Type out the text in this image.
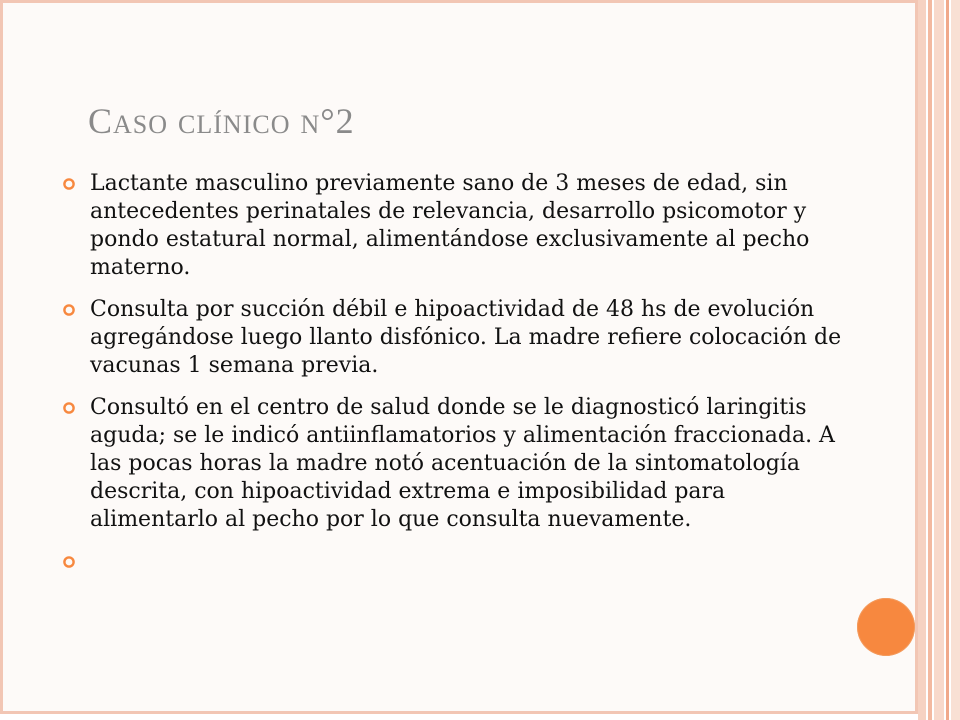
CASO CLÍNICO N°2
Lactante masculino previamente sano de 3 meses de edad, sin antecedentes perinatales de relevancia, desarrollo psicomotor y pondo estatural normal, alimentándose exclusivamente al pecho materno.
Consulta por succión débil e hipoactividad de 48 hs de evolución agregándose luego llanto disfónico. La madre refiere colocación de vacunas 1 semana previa.
Consultó en el centro de salud donde se le diagnosticó laringitis aguda; se le indicó antiinflamatorios y alimentación fraccionada. A las pocas horas la madre notó acentuación de la sintomatología descrita, con hipoactividad extrema e imposibilidad para alimentarlo al pecho por lo que consulta nuevamente.
